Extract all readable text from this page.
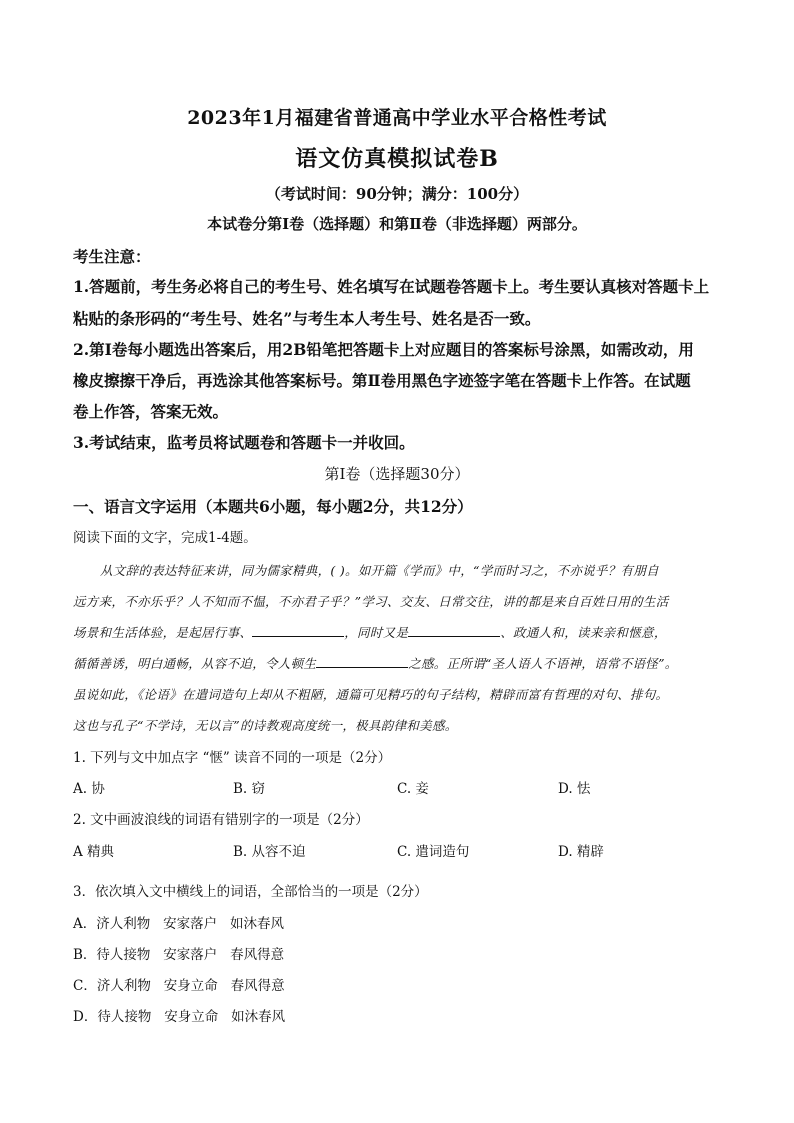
2023年1月福建省普通高中学业水平合格性考试
语文仿真模拟试卷B
（考试时间：90分钟；满分：100分）
本试卷分第Ⅰ卷（选择题）和第Ⅱ卷（非选择题）两部分。
考生注意：
1.答题前，考生务必将自己的考生号、姓名填写在试题卷答题卡上。考生要认真核对答题卡上
粘贴的条形码的“考生号、姓名”与考生本人考生号、姓名是否一致。
2.第Ⅰ卷每小题选出答案后，用2B铅笔把答题卡上对应题目的答案标号涂黑，如需改动，用
橡皮擦擦干净后，再选涂其他答案标号。第Ⅱ卷用黑色字迹签字笔在答题卡上作答。在试题
卷上作答，答案无效。
3.考试结束，监考员将试题卷和答题卡一并收回。
第Ⅰ卷（选择题30分）
一、语言文字运用（本题共6小题，每小题2分，共12分）
阅读下面的文字，完成1-4题。
从文辞的表达特征来讲，同为儒家精典，( )。如开篇《学而》中，“学而时习之，不亦说乎？有朋自
远方来，不亦乐乎？人不知而不愠，不亦君子乎？”学习、交友、日常交往，讲的都是来自百姓日用的生活
场景和生活体验，是起居行事、	，同时又是	、政通人和，读来亲和惬意，
循循善诱，明白通畅，从容不迫，令人顿生	之感。正所谓“圣人语人不语神，语常不语怪”。
虽说如此，《论语》在遣词造句上却从不粗陋，通篇可见精巧的句子结构，精辟而富有哲理的对句、排句。
这也与孔子“不学诗，无以言”的诗教观高度统一，极具韵律和美感。
1. 下列与文中加点字 “惬” 读音不同的一项是（2分）
A. 协	B. 窃	C. 妾	D. 怯
2. 文中画波浪线的词语有错别字的一项是（2分）
A 精典	B. 从容不迫	C. 遣词造句	D. 精辟
3．依次填入文中横线上的词语，全部恰当的一项是（2分）
A．济人利物   安家落户   如沐春风
B．待人接物   安家落户   春风得意
C．济人利物   安身立命   春风得意
D．待人接物   安身立命   如沐春风
